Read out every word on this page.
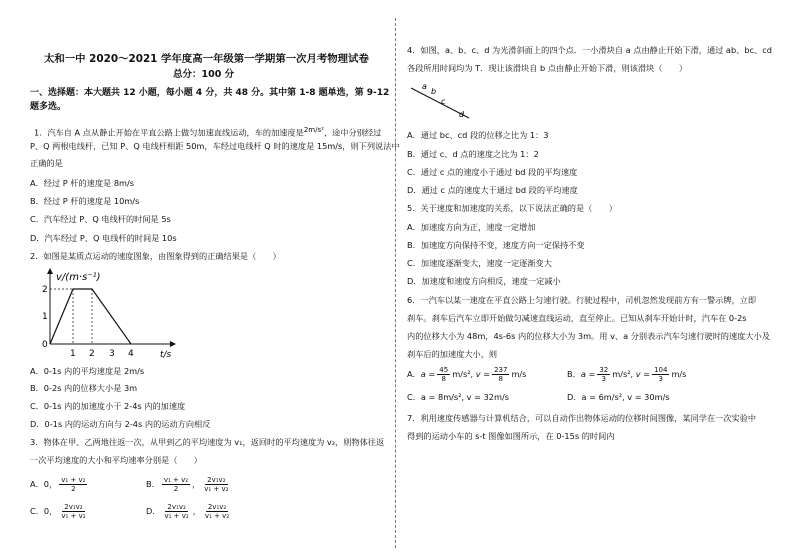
太和一中 2020～2021 学年度高一年级第一学期第一次月考物理试卷
总分：100 分
一、选择题：本大题共 12 小题，每小题 4 分，共 48 分。其中第 1-8 题单选，第 9-12
题多选。
1．汽车自 A 点从静止开始在平直公路上做匀加速直线运动，车的加速度是$^{2m/s^2}$，途中分别经过
P、Q 两根电线杆，已知 P、Q 电线杆相距 50m，车经过电线杆 Q 时的速度是 15m/s，则下列说法中
正确的是
A．经过 P 杆的速度是 8m/s
B．经过 P 杆的速度是 10m/s
C．汽车经过 P、Q 电线杆的时间是 5s
D．汽车经过 P、Q 电线杆的时间是 10s
2．如图是某质点运动的速度图象，由图象得到的正确结果是（　　）
v/(m·s⁻¹)
2
1
0
1 2 3 4	t/s
A．0-1s 内的平均速度是 2m/s
B．0-2s 内的位移大小是 3m
C．0-1s 内的加速度小于 2-4s 内的加速度
D．0-1s 内的运动方向与 2-4s 内的运动方向相反
3．物体在甲、乙两地往返一次，从甲到乙的平均速度为 v₁，返回时的平均速度为 v₂，则物体往返
一次平均速度的大小和平均速率分别是（　　）
A．0， $\frac{\text{v₁ + v₂}}{2}$	B． $\frac{\text{v₁ + v₂}}{2}$ ， $\frac{\text{2v₁v₂}}{\text{v₁ + v₂}}$
C．0， $\frac{\text{2v₁v₂}}{\text{v₁ + v₂}}$	D． $\frac{\text{2v₁v₂}}{\text{v₁ + v₂}}$ ， $\frac{\text{2v₁v₂}}{\text{v₁ + v₂}}$
4．如图，a、b、c、d 为光滑斜面上的四个点．一小滑块自 a 点由静止开始下滑，通过 ab、bc、cd
各段所用时间均为 T．现让该滑块自 b 点由静止开始下滑，则该滑块（　　）
a
b
c
d
A．通过 bc、cd 段的位移之比为 1：3
B．通过 c、d 点的速度之比为 1：2
C．通过 c 点的速度小于通过 bd 段的平均速度
D．通过 c 点的速度大于通过 bd 段的平均速度
5．关于速度和加速度的关系，以下说法正确的是（　　）
A．加速度方向为正，速度一定增加
B．加速度方向保持不变，速度方向一定保持不变
C．加速度逐渐变大，速度一定逐渐变大
D．加速度和速度方向相反，速度一定减小
6．一汽车以某一速度在平直公路上匀速行驶。行驶过程中，司机忽然发现前方有一警示牌，立即
刹车。刹车后汽车立即开始做匀减速直线运动，直至停止。已知从刹车开始计时，汽车在 0-2s
内的位移大小为 48m，4s-6s 内的位移大小为 3m。用 v、a 分别表示汽车匀速行驶时的速度大小及
刹车后的加速度大小，则
A．$a = \frac{45}{8} m/s^2$, $v = \frac{237}{8} m/s$	B．$a = \frac{32}{3} m/s^2$, $v = \frac{104}{3} m/s$
C．a = 8m/s², v = 32m/s	D．a = 6m/s², v = 30m/s
7．利用速度传感器与计算机结合，可以自动作出物体运动的位移时间图像，某同学在一次实验中
得到的运动小车的 s-t 图像如图所示，在 0-15s 的时间内
